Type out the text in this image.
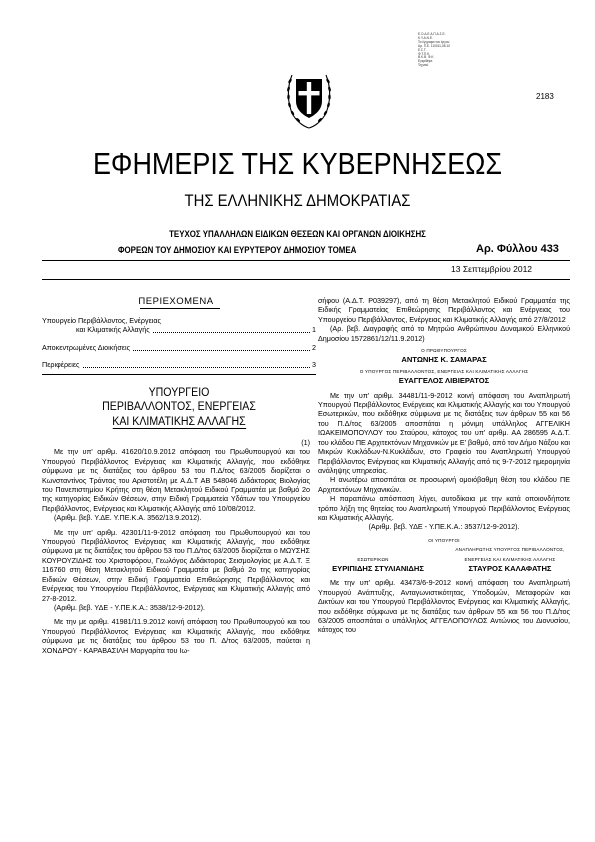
Ε.Ο.Δ.Ε.Α.Π.Α.Σ.Ε.
Κ.Υ.Α.Ν.Ε.
Τα έγγραφα του έργου
Αρ. Π.Ε. 110011-08.10
Ε.Σ.Τ.
Φ.Τ.Π.Κ.
Β.Κ.Β. Φ.Κ.
Εγκρίθηκε
Τεχνικό
2183
ΕΦΗΜΕΡΙΣ ΤΗΣ ΚΥΒΕΡΝΗΣΕΩΣ
ΤΗΣ ΕΛΛΗΝΙΚΗΣ ΔΗΜΟΚΡΑΤΙΑΣ
ΤΕΥΧΟΣ ΥΠΑΛΛΗΛΩΝ ΕΙΔΙΚΩΝ ΘΕΣΕΩΝ ΚΑΙ ΟΡΓΑΝΩΝ ΔΙΟΙΚΗΣΗΣ
ΦΟΡΕΩΝ ΤΟΥ ΔΗΜΟΣΙΟΥ ΚΑΙ ΕΥΡΥΤΕΡΟΥ ΔΗΜΟΣΙΟΥ ΤΟΜΕΑ	Αρ. Φύλλου 433
13 Σεπτεμβρίου 2012
ΠΕΡΙΕΧΟΜΕΝΑ
Υπουργείο Περιβάλλοντος, Ενέργειας
και Κλιματικής Αλλαγής	1
Αποκεντρωμένες Διοικήσεις	2
Περιφέρειες	3
ΥΠΟΥΡΓΕΙΟ
ΠΕΡΙΒΑΛΛΟΝΤΟΣ, ΕΝΕΡΓΕΙΑΣ
ΚΑΙ ΚΛΙΜΑΤΙΚΗΣ ΑΛΛΑΓΗΣ
(1)

Με την υπ' αριθμ. 41620/10.9.2012 απόφαση του Πρωθυπουργού και του Υπουργού Περιβάλλοντος Ενέργειας και Κλιματικής Αλλαγής, που εκδόθηκε σύμφωνα με τις διατάξεις του άρθρου 53 του Π.Δ/τος 63/2005 διορίζεται ο Κωνσταντίνος Τράντας του Αριστοτέλη με Α.Δ.Τ ΑΒ 548046 Διδάκτορας Βιολογίας του Πανεπιστημίου Κρήτης στη θέση Μετακλητού Ειδικού Γραμματέα με βαθμό 2ο της κατηγορίας Ειδικών Θέσεων, στην Ειδική Γραμματεία Υδάτων του Υπουργείου Περιβάλλοντος, Ενέργειας και Κλιματικής Αλλαγής από 10/08/2012.

(Αριθμ. βεβ. Υ.ΔΕ. Υ.ΠΕ.Κ.Α. 3562/13.9.2012).

Με την υπ' αριθμ. 42301/11-9-2012 απόφαση του Πρωθυπουργού και του Υπουργού Περιβάλλοντος Ενέργειας και Κλιματικής Αλλαγής, που εκδόθηκε σύμφωνα με τις διατάξεις του άρθρου 53 του Π.Δ/τος 63/2005 διορίζεται ο ΜΩΥΣΗΣ ΚΟΥΡΟΥΖΙΔΗΣ του Χριστοφόρου, Γεωλόγος Διδάκτορας Σεισμολογίας με Α.Δ.Τ. Ξ 116760 στη θέση Μετακλητού Ειδικού Γραμματέα με βαθμό 2ο της κατηγορίας Ειδικών Θέσεων, στην Ειδική Γραμματεία Επιθεώρησης Περιβάλλοντος και Ενέργειας του Υπουργείου Περιβάλλοντος, Ενέργειας και Κλιματικής Αλλαγής από 27-8-2012.

(Αριθμ. βεβ. ΥΔΕ - Υ.ΠΕ.Κ.Α.: 3538/12-9-2012).

Με την με αριθμ. 41981/11.9.2012 κοινή απόφαση του Πρωθυπουργού και του Υπουργού Περιβάλλοντος Ενέργειας και Κλιματικής Αλλαγής, που εκδόθηκε σύμφωνα με τις διατάξεις του άρθρου 53 του Π. Δ/τος 63/2005, παύεται η ΧΟΝΔΡΟΥ - ΚΑΡΑΒΑΣΙΛΗ Μαργαρίτα του Ιω-

σήφου (Α.Δ.Τ. Ρ039297), από τη θέση Μετακλητού Ειδικού Γραμματέα της Ειδικής Γραμματείας Επιθεώρησης Περιβάλλοντος και Ενέργειας του Υπουργείου Περιβάλλοντος, Ενέργειας και Κλιματικής Αλλαγής από 27/8/2012

(Αρ. βεβ. Διαγραφής από το Μητρώο Ανθρώπινου Δυναμικού Ελληνικού Δημοσίου 1572861/12/11.9.2012)

Ο ΠΡΩΘΥΠΟΥΡΓΟΣ
ΑΝΤΩΝΗΣ Κ. ΣΑΜΑΡΑΣ
Ο ΥΠΟΥΡΓΟΣ ΠΕΡΙΒΑΛΛΟΝΤΟΣ, ΕΝΕΡΓΕΙΑΣ ΚΑΙ ΚΛΙΜΑΤΙΚΗΣ ΑΛΛΑΓΗΣ
ΕΥΑΓΓΕΛΟΣ ΛΙΒΙΕΡΑΤΟΣ

Με την υπ' αριθμ. 34481/11-9-2012 κοινή απόφαση του Αναπληρωτή Υπουργού Περιβάλλοντος Ενέργειας και Κλιματικής Αλλαγής και του Υπουργού Εσωτερικών, που εκδόθηκε σύμφωνα με τις διατάξεις των άρθρων 55 και 56 του Π.Δ/τος 63/2005 αποσπάται η μόνιμη υπάλληλος ΑΓΓΕΛΙΚΗ ΙΩΑΚΕΙΜΟΠΟΥΛΟΥ του Σταύρου, κάτοχος του υπ' αριθμ. ΑΑ 286595 Α.Δ.Τ. του κλάδου ΠΕ Αρχιτεκτόνων Μηχανικών με Ε' βαθμό, από τον Δήμο Νάξου και Μικρών Κυκλάδων-Ν.Κυκλάδων, στο Γραφείο του Αναπληρωτή Υπουργού Περιβάλλοντος Ενέργειας και Κλιματικής Αλλαγής από τις 9-7-2012 ημερομηνία ανάληψης υπηρεσίας.

Η ανωτέρω αποσπάται σε προσωρινή ομοιόβαθμη θέση του κλάδου ΠΕ Αρχιτεκτόνων Μηχανικών.

Η παραπάνω απόσπαση λήγει, αυτοδίκαια με την κατά οποιονδήποτε τρόπο λήξη της θητείας του Αναπληρωτή Υπουργού Περιβάλλοντος Ενέργειας και Κλιματικής Αλλαγής.

(Αριθμ. βεβ. ΥΔΕ - Υ.ΠΕ.Κ.Α.: 3537/12-9-2012).

ΟΙ ΥΠΟΥΡΓΟΙ
ΕΣΩΤΕΡΙΚΩΝ
ΑΝΑΠΛΗΡΩΤΗΣ ΥΠΟΥΡΓΟΣ ΠΕΡΙΒΑΛΛΟΝΤΟΣ, ΕΝΕΡΓΕΙΑΣ ΚΑΙ ΚΛΙΜΑΤΙΚΗΣ ΑΛΛΑΓΗΣ
ΕΥΡΙΠΙΔΗΣ ΣΤΥΛΙΑΝΙΔΗΣ	ΣΤΑΥΡΟΣ ΚΑΛΑΦΑΤΗΣ

Με την υπ' αριθμ. 43473/6-9-2012 κοινή απόφαση του Αναπληρωτή Υπουργού Ανάπτυξης, Ανταγωνιστικότητας, Υποδομών, Μεταφορών και Δικτύων και του Υπουργού Περιβάλλοντος Ενέργειας και Κλιματικής Αλλαγής, που εκδόθηκε σύμφωνα με τις διατάξεις των άρθρων 55 και 56 του Π.Δ/τος 63/2005 αποσπάται ο υπάλληλος ΑΓΓΕΛΟΠΟΥΛΟΣ Αντώνιος του Διονυσίου, κάτοχος του
